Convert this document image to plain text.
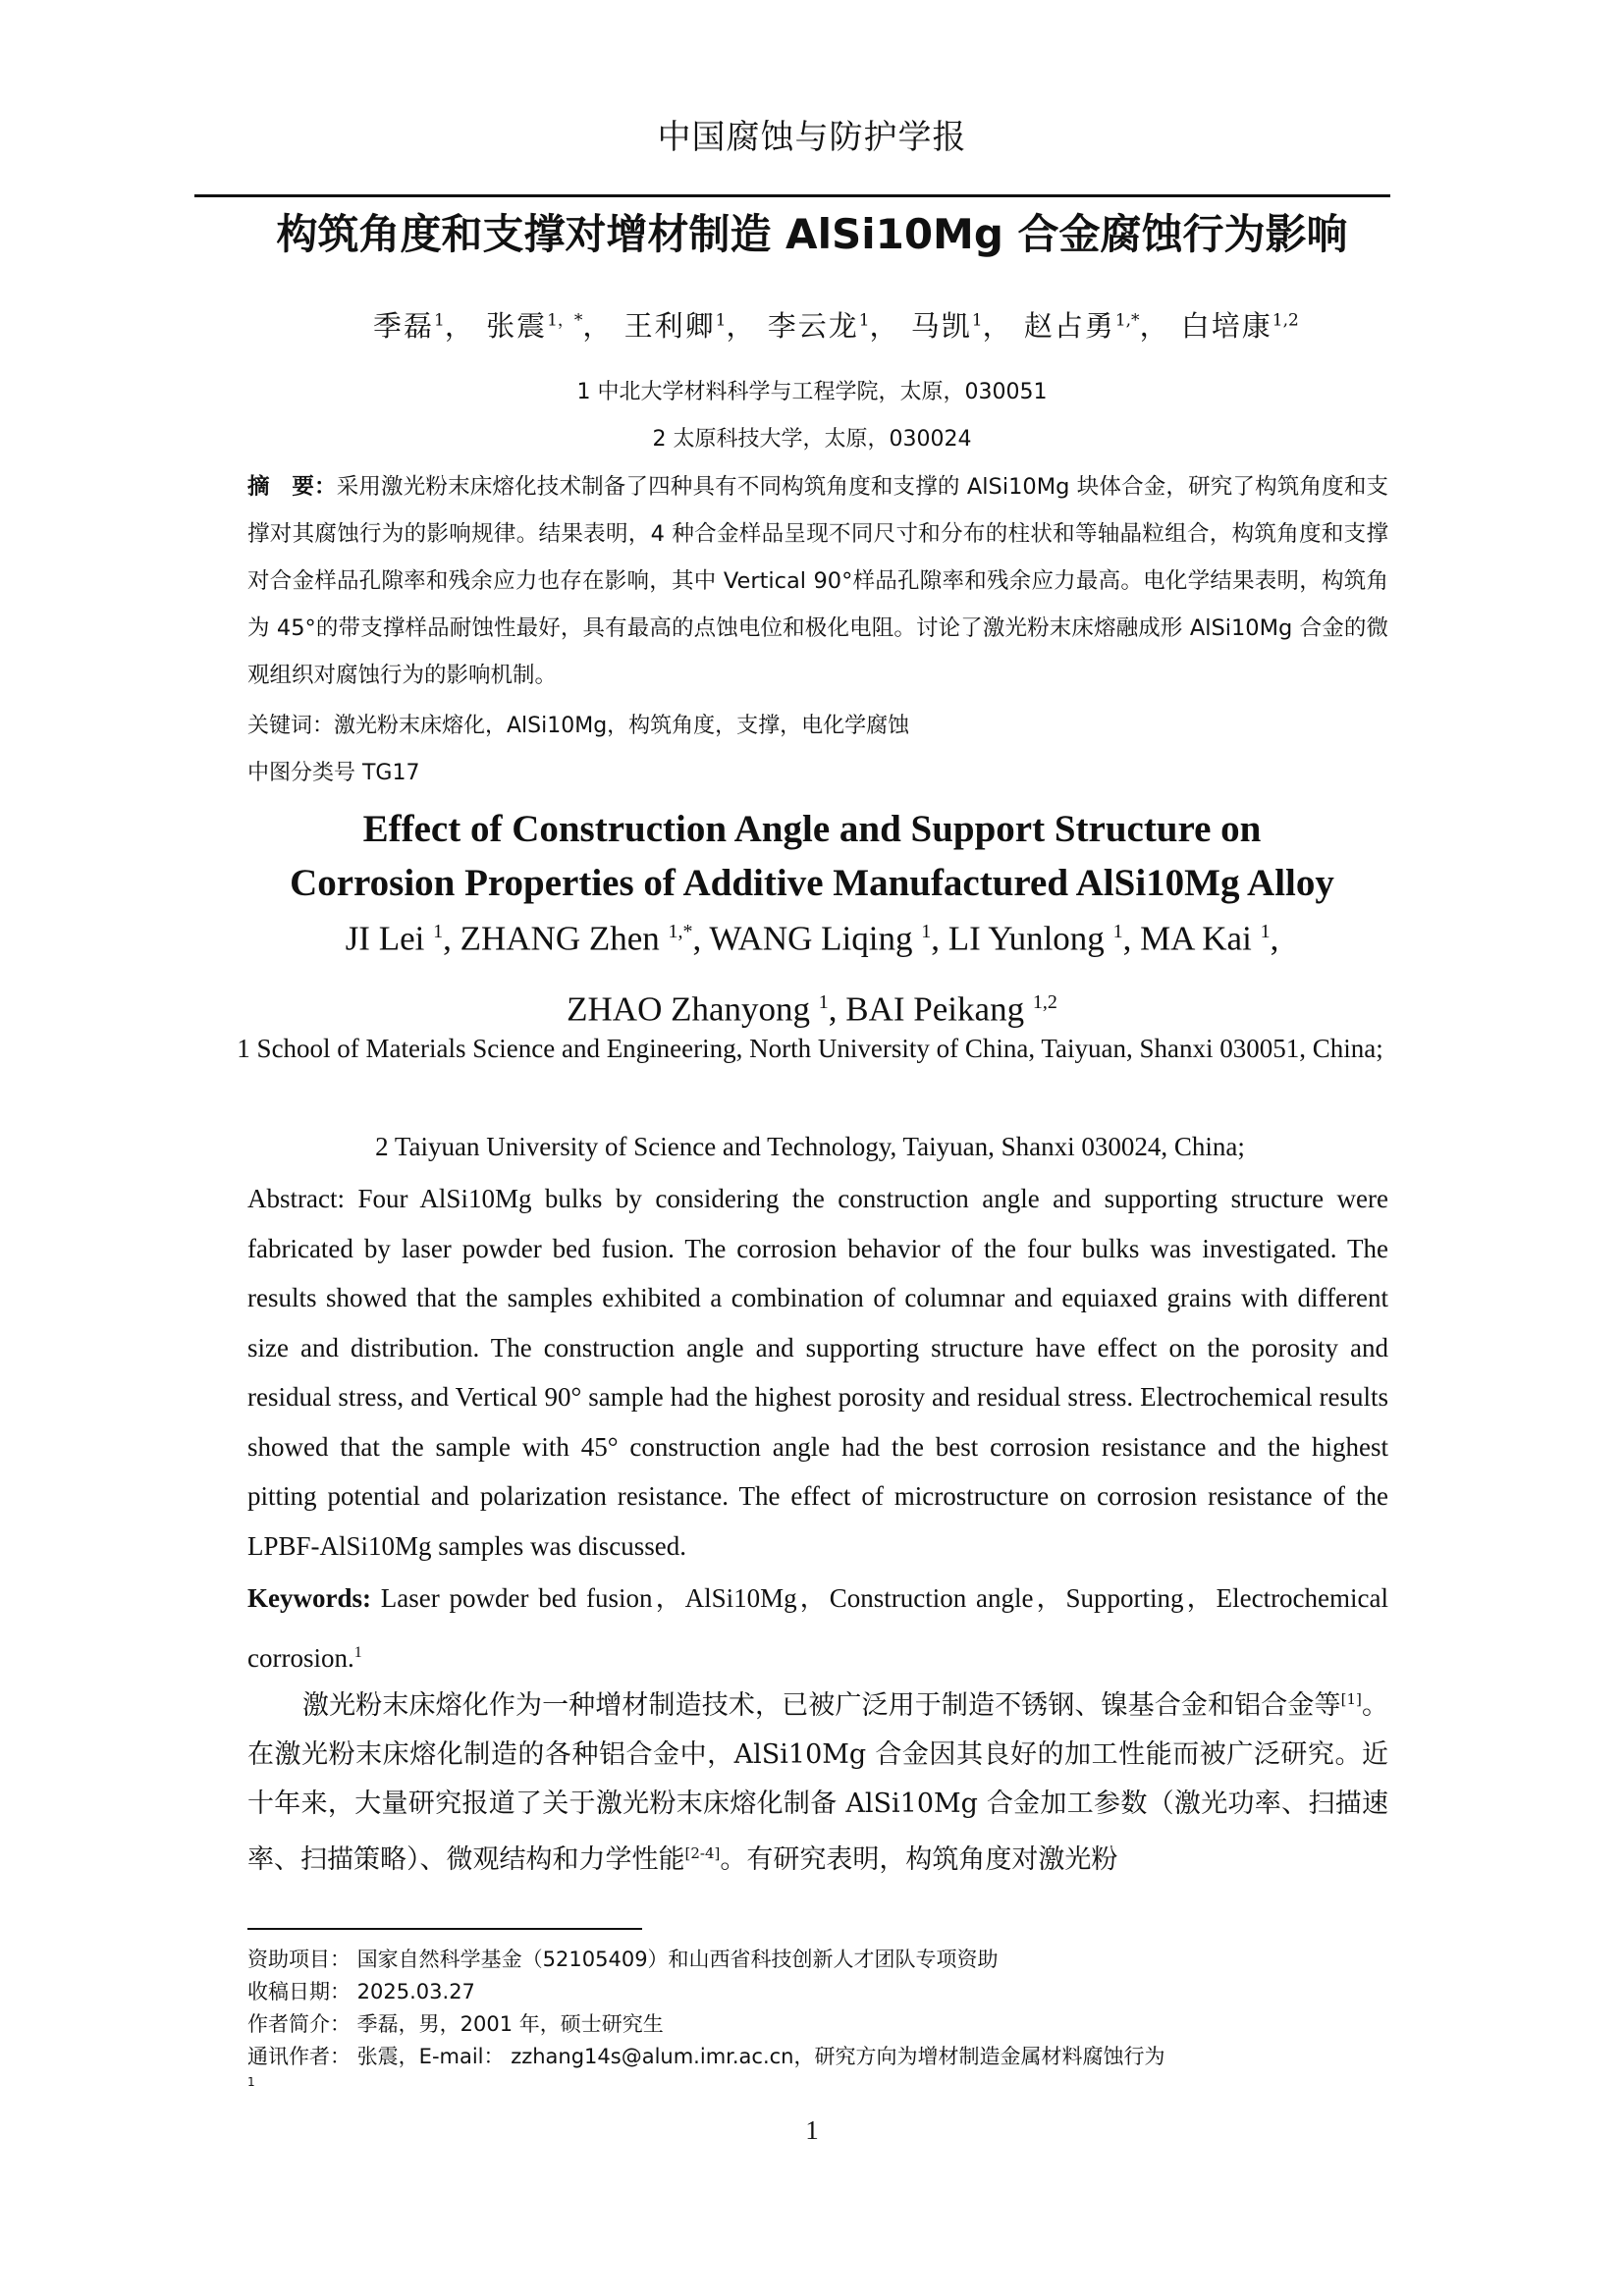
中国腐蚀与防护学报
构筑角度和支撑对增材制造 AlSi10Mg 合金腐蚀行为影响
季磊$^1$， 张震$^{1,*}$， 王利卿$^1$， 李云龙$^1$， 马凯$^1$， 赵占勇$^{1,*}$， 白培康$^{1,2}$
1 中北大学材料科学与工程学院，太原，030051
2 太原科技大学，太原，030024
摘　要：采用激光粉末床熔化技术制备了四种具有不同构筑角度和支撑的 AlSi10Mg 块体合金，研究了构筑角度和支撑对其腐蚀行为的影响规律。结果表明，4 种合金样品呈现不同尺寸和分布的柱状和等轴晶粒组合，构筑角度和支撑对合金样品孔隙率和残余应力也存在影响，其中 Vertical 90°样品孔隙率和残余应力最高。电化学结果表明，构筑角为 45°的带支撑样品耐蚀性最好，具有最高的点蚀电位和极化电阻。讨论了激光粉末床熔融成形 AlSi10Mg 合金的微观组织对腐蚀行为的影响机制。
关键词：激光粉末床熔化，AlSi10Mg，构筑角度，支撑，电化学腐蚀
中图分类号 TG17
Effect of Construction Angle and Support Structure on
Corrosion Properties of Additive Manufactured AlSi10Mg Alloy
JI Lei $^1$, ZHANG Zhen $^{1,*}$, WANG Liqing $^1$, LI Yunlong $^1$, MA Kai $^1$,
ZHAO Zhanyong $^1$, BAI Peikang $^{1,2}$
1 School of Materials Science and Engineering, North University of China, Taiyuan, Shanxi 030051, China;
2 Taiyuan University of Science and Technology, Taiyuan, Shanxi 030024, China;
Abstract: Four AlSi10Mg bulks by considering the construction angle and supporting structure were fabricated by laser powder bed fusion. The corrosion behavior of the four bulks was investigated. The results showed that the samples exhibited a combination of columnar and equiaxed grains with different size and distribution. The construction angle and supporting structure have effect on the porosity and residual stress, and Vertical 90° sample had the highest porosity and residual stress. Electrochemical results showed that the sample with 45° construction angle had the best corrosion resistance and the highest pitting potential and polarization resistance. The effect of microstructure on corrosion resistance of the LPBF-AlSi10Mg samples was discussed.
Keywords: Laser powder bed fusion，AlSi10Mg，Construction angle，Supporting，Electrochemical corrosion.$^1$
激光粉末床熔化作为一种增材制造技术，已被广泛用于制造不锈钢、镍基合金和铝合金等[1]。在激光粉末床熔化制造的各种铝合金中，AlSi10Mg 合金因其良好的加工性能而被广泛研究。近十年来，大量研究报道了关于激光粉末床熔化制备 AlSi10Mg 合金加工参数（激光功率、扫描速率、扫描策略）、微观结构和力学性能[2-4]。有研究表明，构筑角度对激光粉
资助项目： 国家自然科学基金（52105409）和山西省科技创新人才团队专项资助
收稿日期： 2025.03.27
作者简介： 季磊，男，2001 年，硕士研究生
通讯作者： 张震，E-mail： zzhang14s@alum.imr.ac.cn，研究方向为增材制造金属材料腐蚀行为
1
1
